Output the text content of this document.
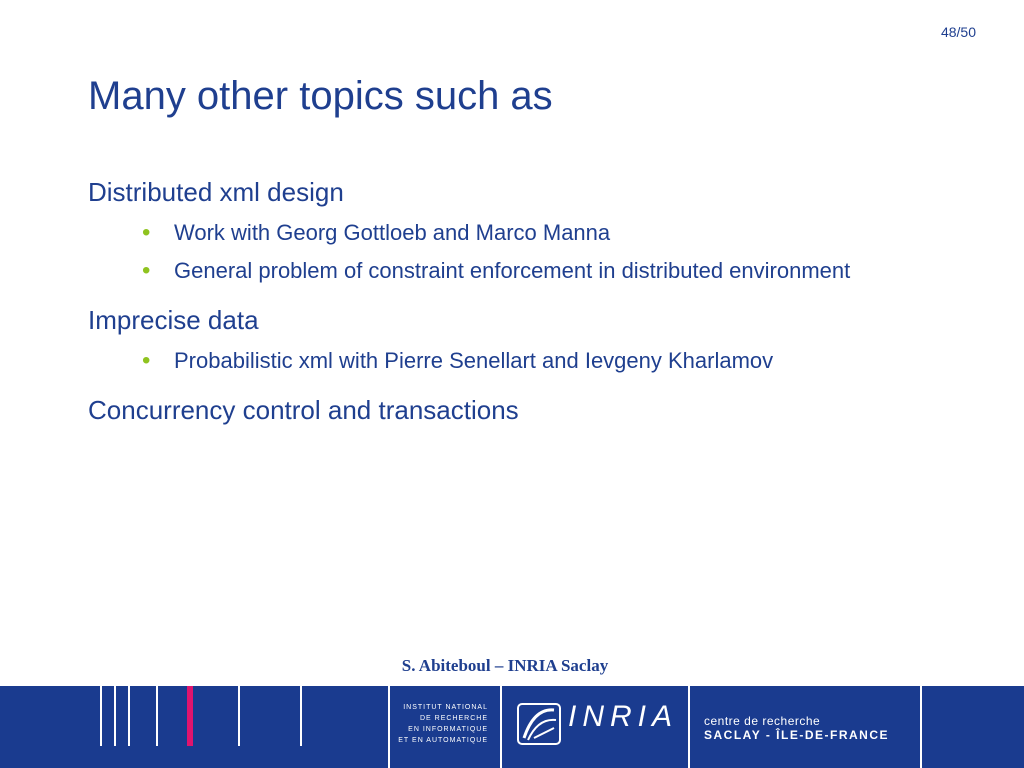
48/50
Many other topics such as
Distributed xml design
• Work with Georg Gottloeb and Marco Manna
• General problem of constraint enforcement in distributed environment
Imprecise data
• Probabilistic xml with Pierre Senellart and Ievgeny Kharlamov
Concurrency control and transactions
S. Abiteboul – INRIA Saclay
INSTITUT NATIONAL
DE RECHERCHE
EN INFORMATIQUE
ET EN AUTOMATIQUE
INRIA centre de recherche
SACLAY - ÎLE-DE-FRANCE
